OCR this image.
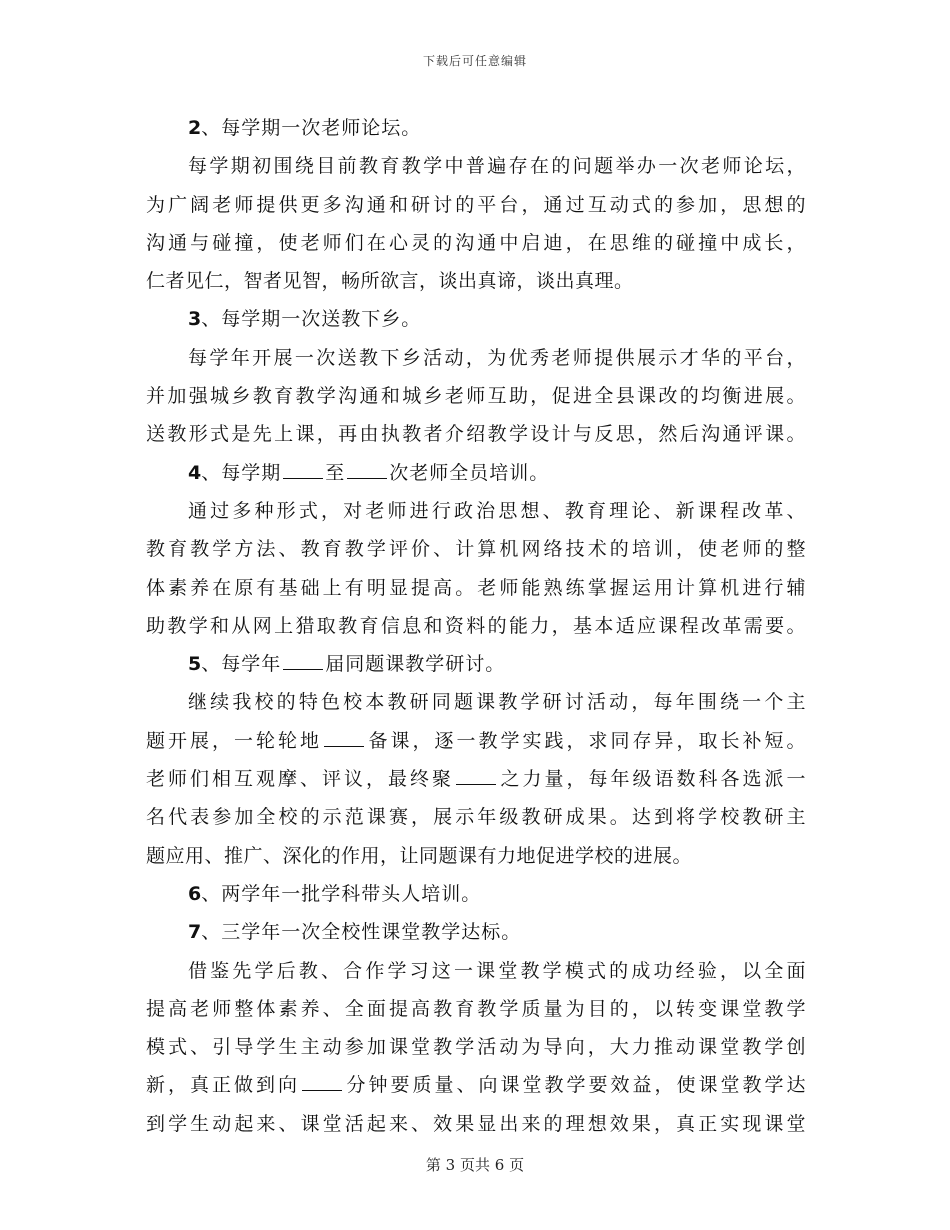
下载后可任意编辑
2、每学期一次老师论坛。
每学期初围绕目前教育教学中普遍存在的问题举办一次老师论坛，
为广阔老师提供更多沟通和研讨的平台，通过互动式的参加，思想的
沟通与碰撞，使老师们在心灵的沟通中启迪，在思维的碰撞中成长，
仁者见仁，智者见智，畅所欲言，谈出真谛，谈出真理。
3、每学期一次送教下乡。
每学年开展一次送教下乡活动，为优秀老师提供展示才华的平台，
并加强城乡教育教学沟通和城乡老师互助，促进全县课改的均衡进展。
送教形式是先上课，再由执教者介绍教学设计与反思，然后沟通评课。
4、每学期 至 次老师全员培训。
通过多种形式，对老师进行政治思想、教育理论、新课程改革、
教育教学方法、教育教学评价、计算机网络技术的培训，使老师的整
体素养在原有基础上有明显提高。老师能熟练掌握运用计算机进行辅
助教学和从网上猎取教育信息和资料的能力，基本适应课程改革需要。
5、每学年 届同题课教学研讨。
继续我校的特色校本教研同题课教学研讨活动，每年围绕一个主
题开展，一轮轮地 备课，逐一教学实践，求同存异，取长补短。
老师们相互观摩、评议，最终聚 之力量，每年级语数科各选派一
名代表参加全校的示范课赛，展示年级教研成果。达到将学校教研主
题应用、推广、深化的作用，让同题课有力地促进学校的进展。
6、两学年一批学科带头人培训。
7、三学年一次全校性课堂教学达标。
借鉴先学后教、合作学习这一课堂教学模式的成功经验，以全面
提高老师整体素养、全面提高教育教学质量为目的，以转变课堂教学
模式、引导学生主动参加课堂教学活动为导向，大力推动课堂教学创
新，真正做到向 分钟要质量、向课堂教学要效益，使课堂教学达
到学生动起来、课堂活起来、效果显出来的理想效果，真正实现课堂
第 3 页共 6 页
